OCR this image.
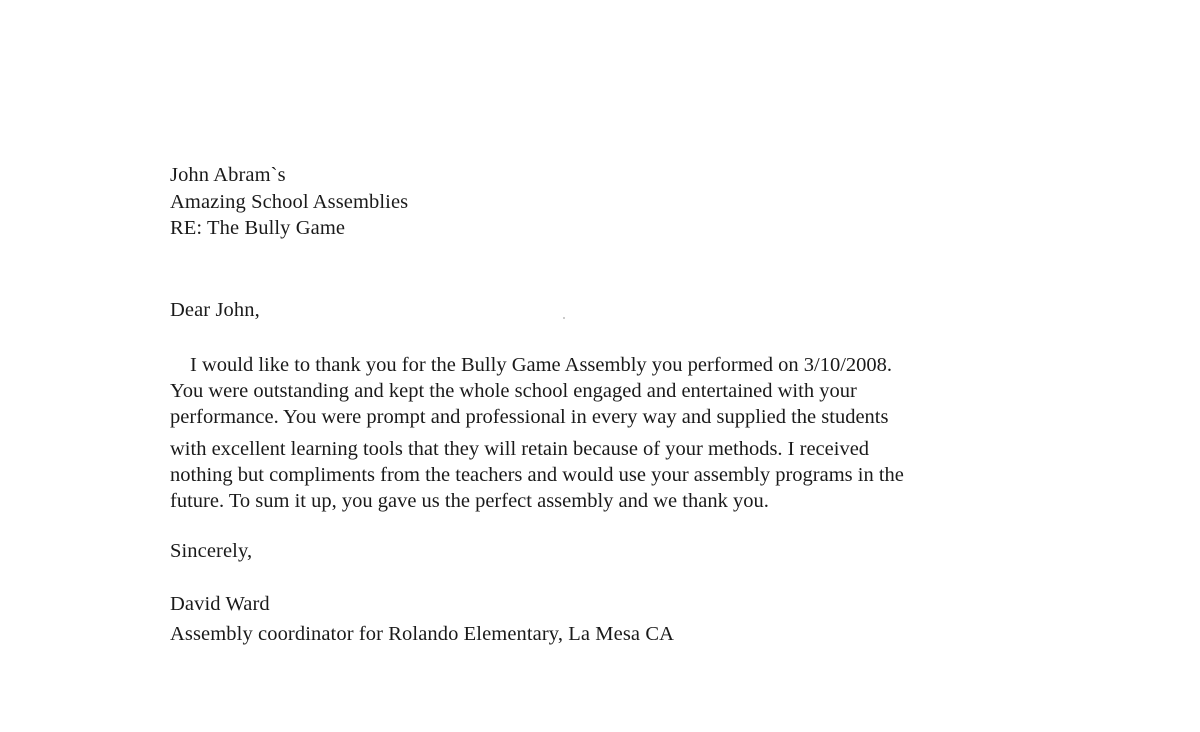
John Abram`s
Amazing School Assemblies
RE: The Bully Game
Dear John,
I would like to thank you for the Bully Game Assembly you performed on 3/10/2008.
You were outstanding and kept the whole school engaged and entertained with your
performance. You were prompt and professional in every way and supplied the students
with excellent learning tools that they will retain because of your methods. I received
nothing but compliments from the teachers and would use your assembly programs in the
future. To sum it up, you gave us the perfect assembly and we thank you.
Sincerely,
David Ward
Assembly coordinator for Rolando Elementary, La Mesa CA
